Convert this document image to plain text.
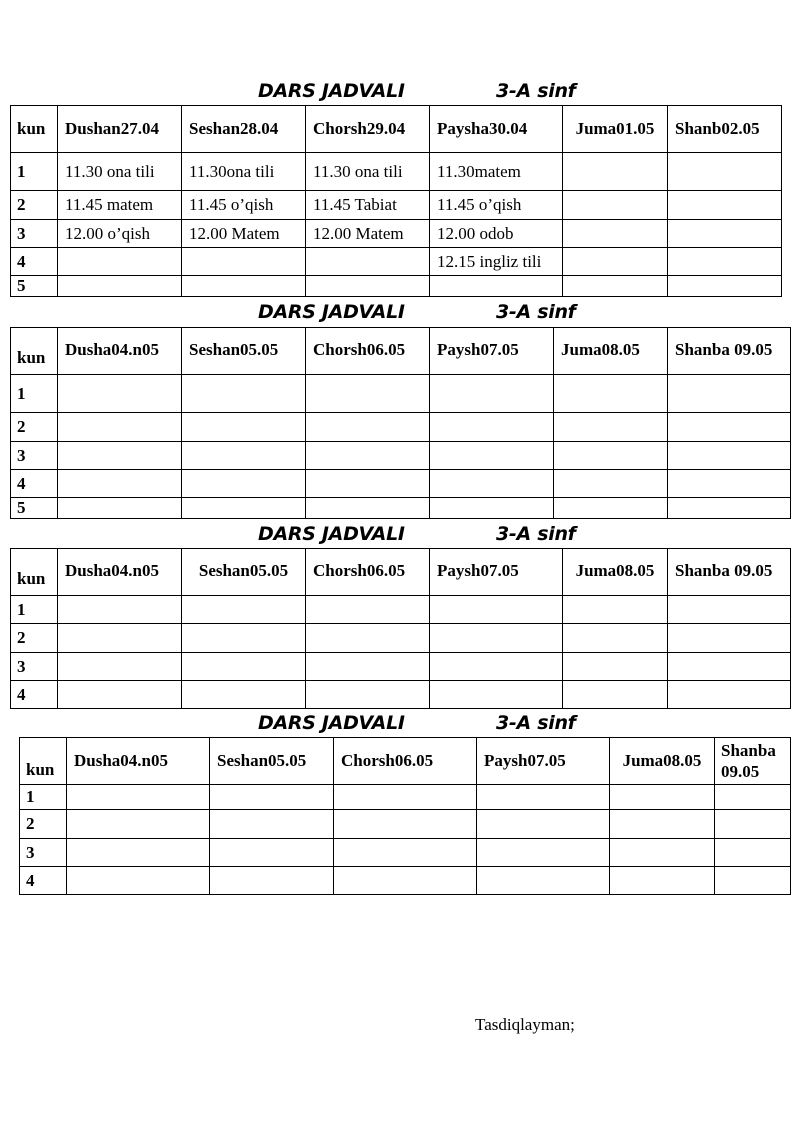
DARS JADVALI	3-A sinf
kun	Dushan27.04	Seshan28.04	Chorsh29.04	Paysha30.04	Juma01.05	Shanb02.05
1	11.30 ona tili	11.30ona tili	11.30 ona tili	11.30matem		
2	11.45 matem	11.45 o’qish	11.45 Tabiat	11.45 o’qish		
3	12.00 o’qish	12.00 Matem	12.00 Matem	12.00 odob		
4				12.15 ingliz tili		
5						
DARS JADVALI	3-A sinf
kun	Dusha04.n05	Seshan05.05	Chorsh06.05	Paysh07.05	Juma08.05	Shanba 09.05
1						
2						
3						
4						
5						
DARS JADVALI	3-A sinf
kun	Dusha04.n05	Seshan05.05	Chorsh06.05	Paysh07.05	Juma08.05	Shanba 09.05
1						
2						
3						
4						
DARS JADVALI	3-A sinf
kun	Dusha04.n05	Seshan05.05	Chorsh06.05	Paysh07.05	Juma08.05	Shanba 09.05
1						
2						
3						
4						
Tasdiqlayman;
